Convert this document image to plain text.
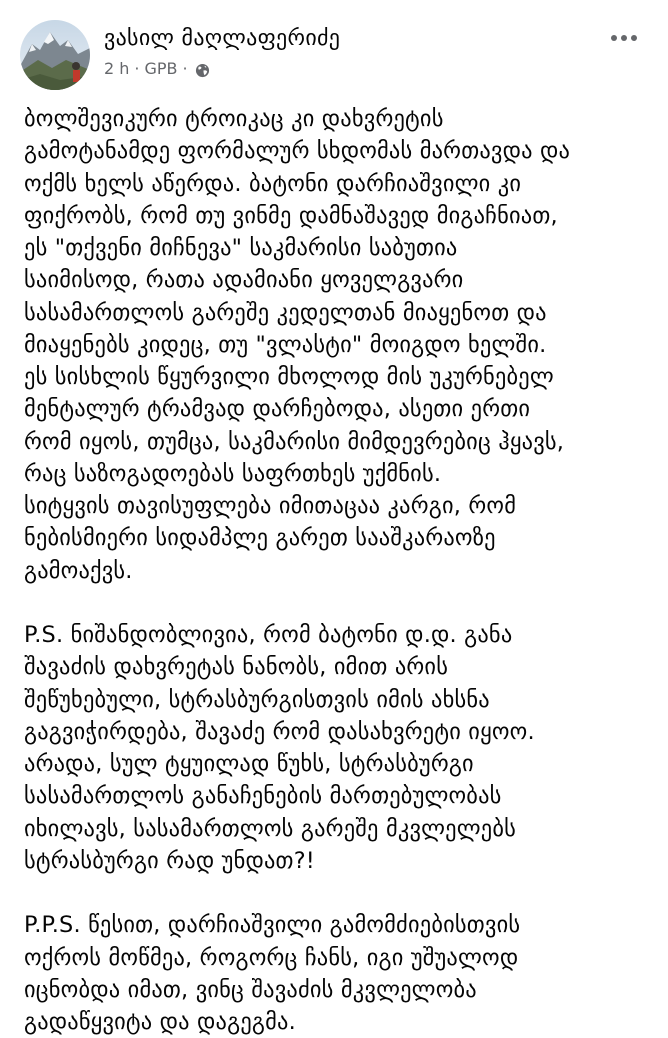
ვასილ მაღლაფერიძე
2 h · GPB ·
ბოლშევიკური ტროიკაც კი დახვრეტის
გამოტანამდე ფორმალურ სხდომას მართავდა და
ოქმს ხელს აწერდა. ბატონი დარჩიაშვილი კი
ფიქრობს, რომ თუ ვინმე დამნაშავედ მიგაჩნიათ,
ეს "თქვენი მიჩნევა" საკმარისი საბუთია
საიმისოდ, რათა ადამიანი ყოველგვარი
სასამართლოს გარეშე კედელთან მიაყენოთ და
მიაყენებს კიდეც, თუ "ვლასტი" მოიგდო ხელში.
ეს სისხლის წყურვილი მხოლოდ მის უკურნებელ
მენტალურ ტრამვად დარჩებოდა, ასეთი ერთი
რომ იყოს, თუმცა, საკმარისი მიმდევრებიც ჰყავს,
რაც საზოგადოებას საფრთხეს უქმნის.
სიტყვის თავისუფლება იმითაცაა კარგი, რომ
ნებისმიერი სიდამპლე გარეთ სააშკარაოზე
გამოაქვს.
P.S. ნიშანდობლივია, რომ ბატონი დ.დ. განა
შავაძის დახვრეტას ნანობს, იმით არის
შეწუხებული, სტრასბურგისთვის იმის ახსნა
გაგვიჭირდება, შავაძე რომ დასახვრეტი იყოო.
არადა, სულ ტყუილად წუხს, სტრასბურგი
სასამართლოს განაჩენების მართებულობას
იხილავს, სასამართლოს გარეშე მკვლელებს
სტრასბურგი რად უნდათ?!
P.P.S. წესით, დარჩიაშვილი გამომძიებისთვის
ოქროს მოწმეა, როგორც ჩანს, იგი უშუალოდ
იცნობდა იმათ, ვინც შავაძის მკვლელობა
გადაწყვიტა და დაგეგმა.
